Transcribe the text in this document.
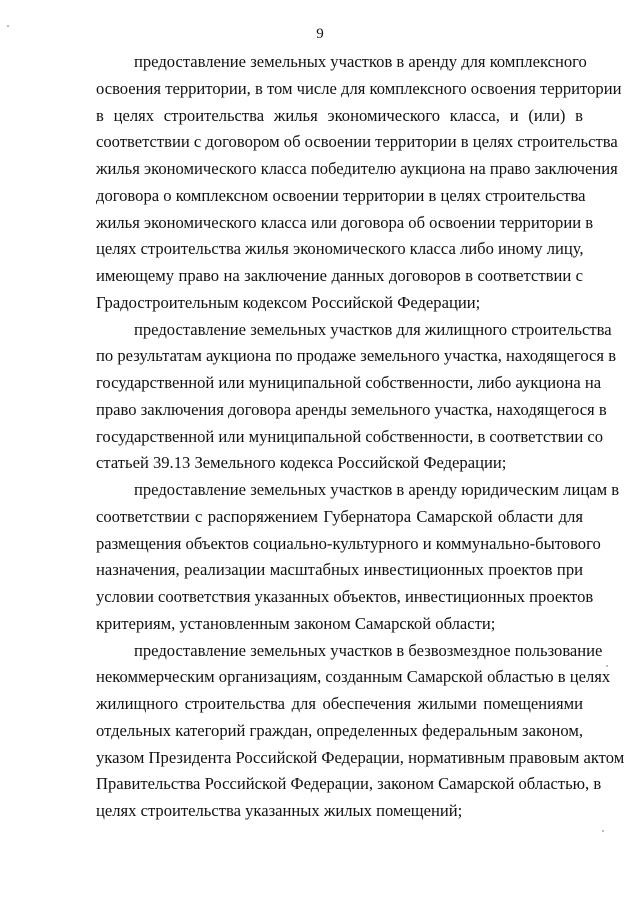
9
предоставление земельных участков в аренду для комплексного
освоения территории, в том числе для комплексного освоения территории
в целях строительства жилья экономического класса, и (или) в
соответствии с договором об освоении территории в целях строительства
жилья экономического класса победителю аукциона на право заключения
договора о комплексном освоении территории в целях строительства
жилья экономического класса или договора об освоении территории в
целях строительства жилья экономического класса либо иному лицу,
имеющему право на заключение данных договоров в соответствии с
Градостроительным кодексом Российской Федерации;
предоставление земельных участков для жилищного строительства
по результатам аукциона по продаже земельного участка, находящегося в
государственной или муниципальной собственности, либо аукциона на
право заключения договора аренды земельного участка, находящегося в
государственной или муниципальной собственности, в соответствии со
статьей 39.13 Земельного кодекса Российской Федерации;
предоставление земельных участков в аренду юридическим лицам в
соответствии с распоряжением Губернатора Самарской области для
размещения объектов социально-культурного и коммунально-бытового
назначения, реализации масштабных инвестиционных проектов при
условии соответствия указанных объектов, инвестиционных проектов
критериям, установленным законом Самарской области;
предоставление земельных участков в безвозмездное пользование
некоммерческим организациям, созданным Самарской областью в целях
жилищного строительства для обеспечения жилыми помещениями
отдельных категорий граждан, определенных федеральным законом,
указом Президента Российской Федерации, нормативным правовым актом
Правительства Российской Федерации, законом Самарской областью, в
целях строительства указанных жилых помещений;
